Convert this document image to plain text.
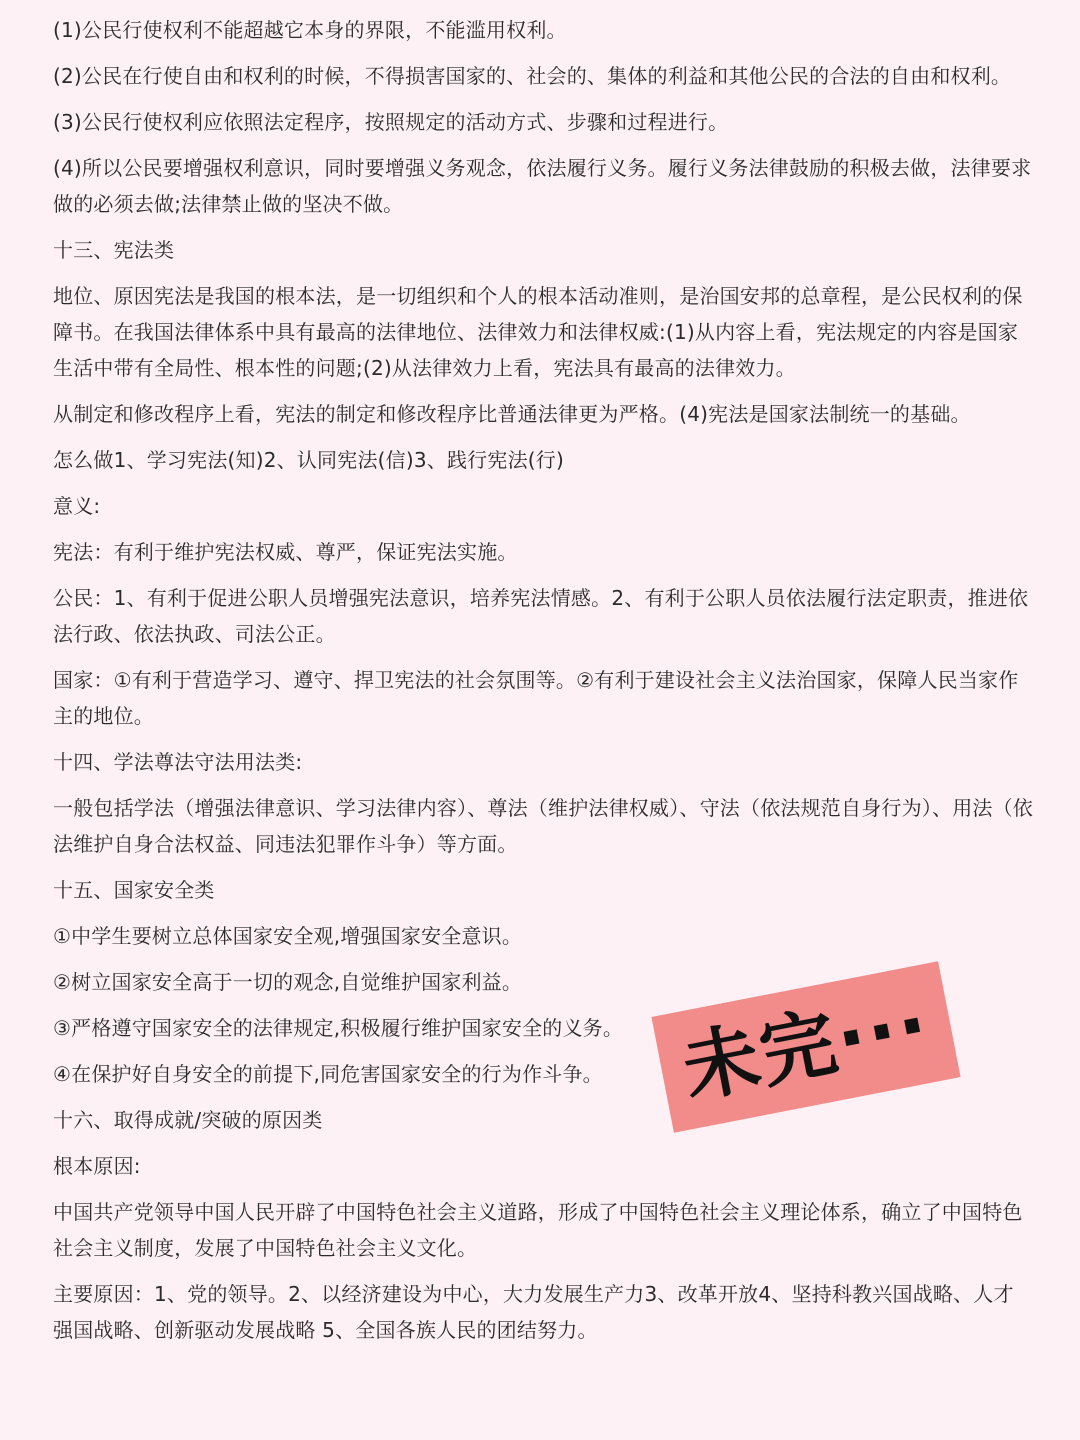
(1)公民行使权利不能超越它本身的界限，不能滥用权利。

(2)公民在行使自由和权利的时候，不得损害国家的、社会的、集体的利益和其他公民的合法的自由和权利。

(3)公民行使权利应依照法定程序，按照规定的活动方式、步骤和过程进行。

(4)所以公民要增强权利意识，同时要增强义务观念，依法履行义务。履行义务法律鼓励的积极去做，法律要求做的必须去做;法律禁止做的坚决不做。

十三、宪法类

地位、原因宪法是我国的根本法，是一切组织和个人的根本活动准则，是治国安邦的总章程，是公民权利的保障书。在我国法律体系中具有最高的法律地位、法律效力和法律权威:(1)从内容上看，宪法规定的内容是国家生活中带有全局性、根本性的问题;(2)从法律效力上看，宪法具有最高的法律效力。

从制定和修改程序上看，宪法的制定和修改程序比普通法律更为严格。(4)宪法是国家法制统一的基础。

怎么做1、学习宪法(知)2、认同宪法(信)3、践行宪法(行)

意义:

宪法：有利于维护宪法权威、尊严，保证宪法实施。

公民：1、有利于促进公职人员增强宪法意识，培养宪法情感。2、有利于公职人员依法履行法定职责，推进依法行政、依法执政、司法公正。

国家：①有利于营造学习、遵守、捍卫宪法的社会氛围等。②有利于建设社会主义法治国家，保障人民当家作主的地位。

十四、学法尊法守法用法类:

一般包括学法（增强法律意识、学习法律内容）、尊法（维护法律权威）、守法（依法规范自身行为）、用法（依法维护自身合法权益、同违法犯罪作斗争）等方面。

十五、国家安全类

①中学生要树立总体国家安全观,增强国家安全意识。

②树立国家安全高于一切的观念,自觉维护国家利益。

③严格遵守国家安全的法律规定,积极履行维护国家安全的义务。

④在保护好自身安全的前提下,同危害国家安全的行为作斗争。

十六、取得成就/突破的原因类

根本原因:

中国共产党领导中国人民开辟了中国特色社会主义道路，形成了中国特色社会主义理论体系，确立了中国特色社会主义制度，发展了中国特色社会主义文化。

主要原因：1、党的领导。2、以经济建设为中心，大力发展生产力3、改革开放4、坚持科教兴国战略、人才强国战略、创新驱动发展战略 5、全国各族人民的团结努力。

未完···
